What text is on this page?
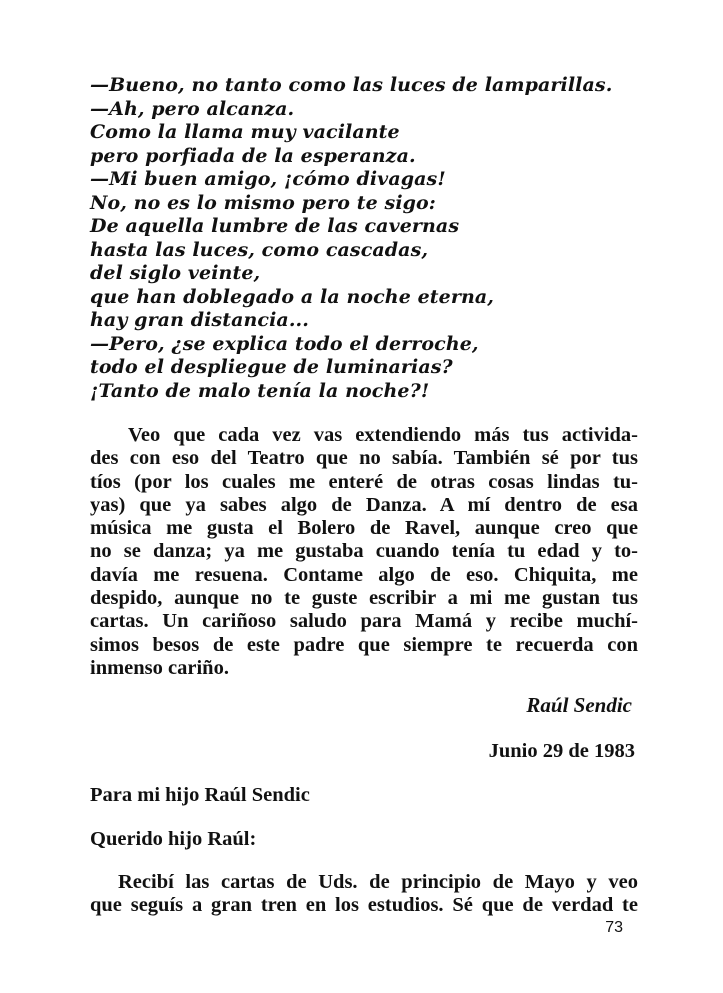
—Bueno, no tanto como las luces de lamparillas.
—Ah, pero alcanza.
Como la llama muy vacilante
pero porfiada de la esperanza.
—Mi buen amigo, ¡cómo divagas!
No, no es lo mismo pero te sigo:
De aquella lumbre de las cavernas
hasta las luces, como cascadas,
del siglo veinte,
que han doblegado a la noche eterna,
hay gran distancia...
—Pero, ¿se explica todo el derroche,
todo el despliegue de luminarias?
¡Tanto de malo tenía la noche?!
Veo que cada vez vas extendiendo más tus activida-
des con eso del Teatro que no sabía. También sé por tus
tíos (por los cuales me enteré de otras cosas lindas tu-
yas) que ya sabes algo de Danza. A mí dentro de esa
música me gusta el Bolero de Ravel, aunque creo que
no se danza; ya me gustaba cuando tenía tu edad y to-
davía me resuena. Contame algo de eso. Chiquita, me
despido, aunque no te guste escribir a mi me gustan tus
cartas. Un cariñoso saludo para Mamá y recibe muchí-
simos besos de este padre que siempre te recuerda con
inmenso cariño.
Raúl Sendic
Junio 29 de 1983
Para mi hijo Raúl Sendic
Querido hijo Raúl:
Recibí las cartas de Uds. de principio de Mayo y veo
que seguís a gran tren en los estudios. Sé que de verdad te
73
